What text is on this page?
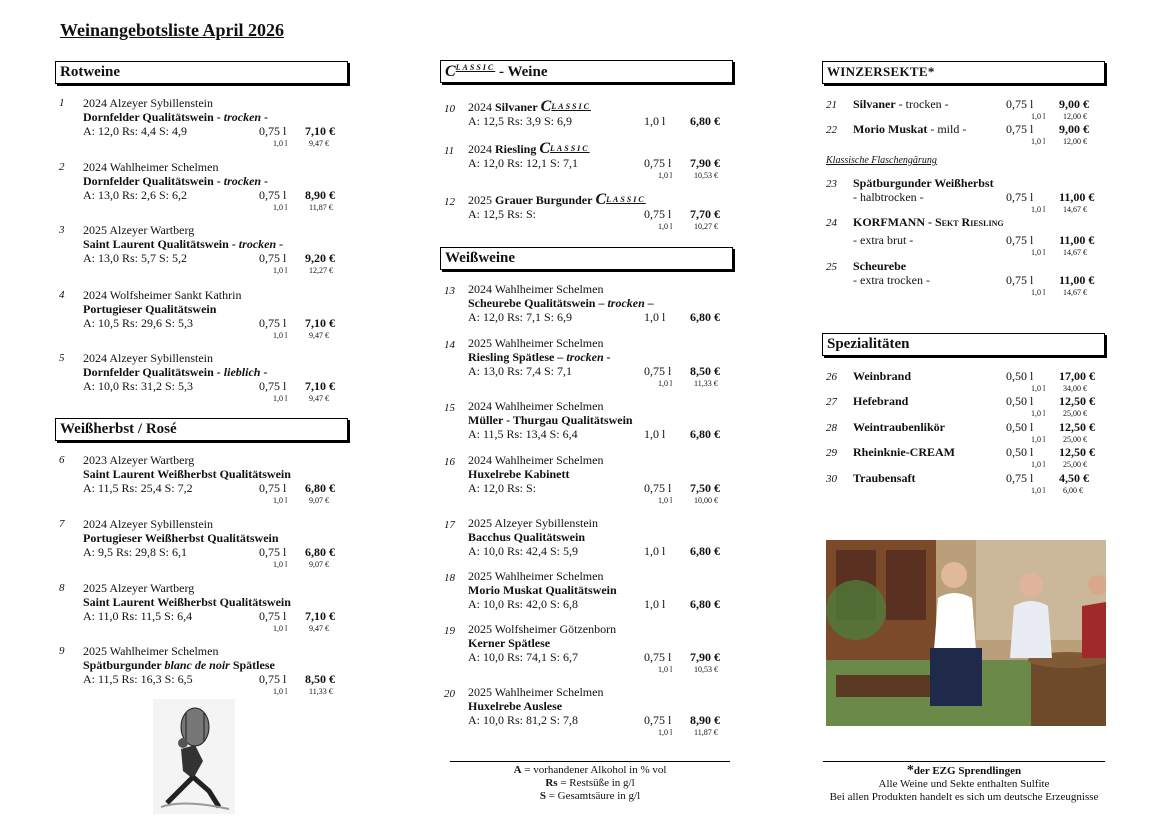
Weinangebotsliste April 2026
Rotweine
1 2024 Alzeyer Sybillenstein
Dornfelder Qualitätswein - trocken -
A: 12,0 Rs: 4,4 S: 4,9	0,75 l 7,10 €
1,0 l	9,47 €
2 2024 Wahlheimer Schelmen
Dornfelder Qualitätswein - trocken -
A: 13,0 Rs: 2,6 S: 6,2	0,75 l 8,90 €
1,0 l	11,87 €
3 2025 Alzeyer Wartberg
Saint Laurent Qualitätswein - trocken -
A: 13,0 Rs: 5,7 S: 5,2	0,75 l 9,20 €
1,0 l	12,27 €
4 2024 Wolfsheimer Sankt Kathrin
Portugieser Qualitätswein
A: 10,5 Rs: 29,6 S: 5,3	0,75 l 7,10 €
1,0 l	9,47 €
5 2024 Alzeyer Sybillenstein
Dornfelder Qualitätswein - lieblich -
A: 10,0 Rs: 31,2 S: 5,3	0,75 l 7,10 €
1,0 l	9,47 €
Weißherbst / Rosé
6 2023 Alzeyer Wartberg
Saint Laurent Weißherbst Qualitätswein
A: 11,5 Rs: 25,4 S: 7,2	0,75 l 6,80 €
1,0 l	9,07 €
7 2024 Alzeyer Sybillenstein
Portugieser Weißherbst Qualitätswein
A: 9,5 Rs: 29,8 S: 6,1	0,75 l 6,80 €
1,0 l	9,07 €
8 2025 Alzeyer Wartberg
Saint Laurent Weißherbst Qualitätswein
A: 11,0 Rs: 11,5 S: 6,4	0,75 l 7,10 €
1,0 l	9,47 €
9 2025 Wahlheimer Schelmen
Spätburgunder blanc de noir Spätlese
A: 11,5 Rs: 16,3 S: 6,5	0,75 l 8,50 €
1,0 l	11,33 €
$C^{LASSIC}$ - Weine
10 2024 Silvaner $C^{LASSIC}$
A: 12,5 Rs: 3,9 S: 6,9	1,0 l 6,80 €
11 2024 Riesling $C^{LASSIC}$
A: 12,0 Rs: 12,1 S: 7,1	0,75 l 7,90 €
1,0 l	10,53 €
12 2025 Grauer Burgunder $C^{LASSIC}$
A: 12,5 Rs: S:	0,75 l 7,70 €
1,0 l	10,27 €
Weißweine
13 2024 Wahlheimer Schelmen
Scheurebe Qualitätswein – trocken –
A: 12,0 Rs: 7,1 S: 6,9	1,0 l 6,80 €
14 2025 Wahlheimer Schelmen
Riesling Spätlese – trocken -
A: 13,0 Rs: 7,4 S: 7,1	0,75 l 8,50 €
1,0 l	11,33 €
15 2024 Wahlheimer Schelmen
Müller - Thurgau Qualitätswein
A: 11,5 Rs: 13,4 S: 6,4	1,0 l 6,80 €
16 2024 Wahlheimer Schelmen
Huxelrebe Kabinett
A: 12,0 Rs: S:	0,75 l 7,50 €
1,0 l	10,00 €
17 2025 Alzeyer Sybillenstein
Bacchus Qualitätswein
A: 10,0 Rs: 42,4 S: 5,9	1,0 l 6,80 €
18 2025 Wahlheimer Schelmen
Morio Muskat Qualitätswein
A: 10,0 Rs: 42,0 S: 6,8	1,0 l 6,80 €
19 2025 Wolfsheimer Götzenborn
Kerner Spätlese
A: 10,0 Rs: 74,1 S: 6,7	0,75 l 7,90 €
1,0 l	10,53 €
20 2025 Wahlheimer Schelmen
Huxelrebe Auslese
A: 10,0 Rs: 81,2 S: 7,8	0,75 l 8,90 €
1,0 l	11,87 €
WINZERSEKTE*
21 Silvaner - trocken -	0,75 l 9,00 €
1,0 l 12,00 €
22 Morio Muskat - mild -	0,75 l 9,00 €
1,0 l 12,00 €
Klassische Flaschengärung
23 Spätburgunder Weißherbst
- halbtrocken -	0,75 l 11,00 €
1,0 l 14,67 €
24 KORFMANN - Sekt Riesling
- extra brut -	0,75 l 11,00 €
1,0 l 14,67 €
25 Scheurebe
- extra trocken -	0,75 l 11,00 €
1,0 l 14,67 €
Spezialitäten
26 Weinbrand	0,50 l 17,00 €
1,0 l 34,00 €
27 Hefebrand	0,50 l 12,50 €
1,0 l 25,00 €
28 Weintraubenlikör	0,50 l 12,50 €
1,0 l 25,00 €
29 Rheinknie-CREAM	0,50 l 12,50 €
1,0 l 25,00 €
30 Traubensaft	0,75 l 4,50 €
1,0 l 6,00 €
A = vorhandener Alkohol in % vol
Rs = Restsüße in g/l
S = Gesamtsäure in g/l
*der EZG Sprendlingen
Alle Weine und Sekte enthalten Sulfite
Bei allen Produkten handelt es sich um deutsche Erzeugnisse
